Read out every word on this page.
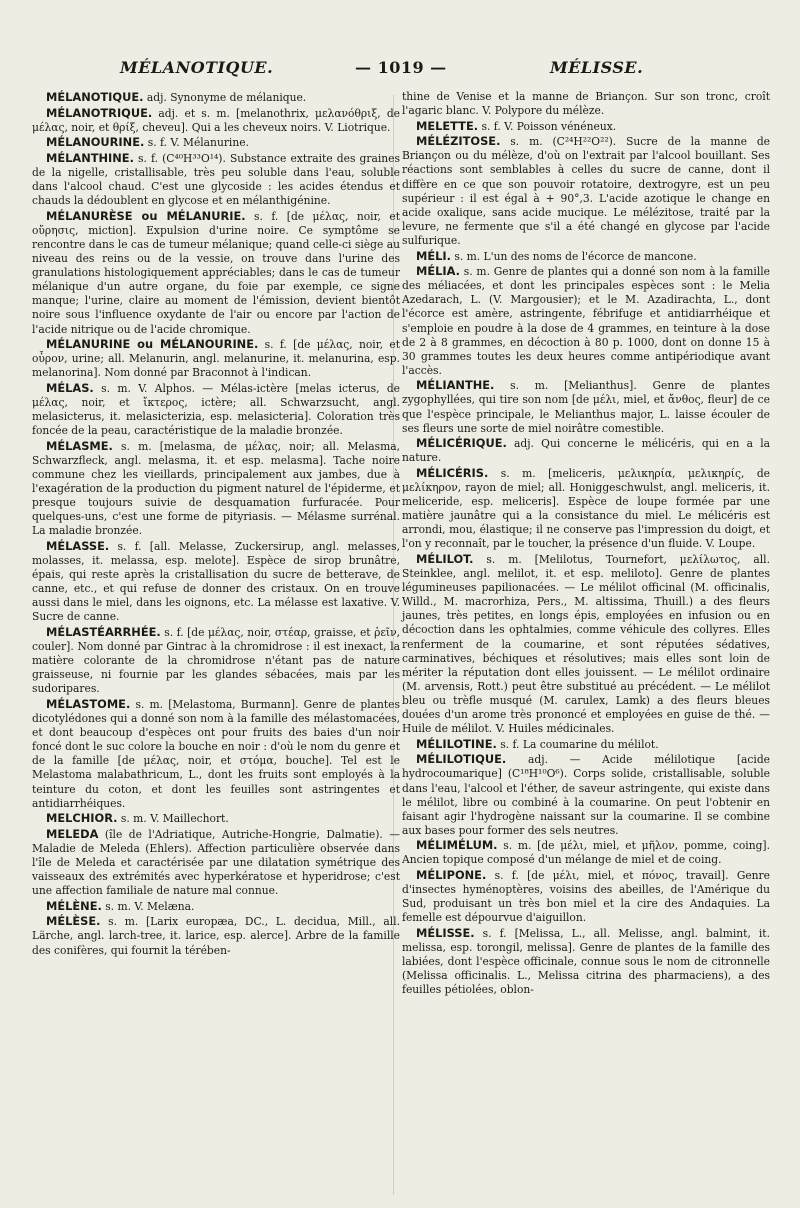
MÉLANOTIQUE.	— 1019 —	MÉLISSE.

MÉLANOTIQUE. adj. Synonyme de mélanique.

MÉLANOTRIQUE. adj. et s. m. [melanothrix, μελανόθριξ, de μέλας, noir, et θρίξ, cheveu]. Qui a les cheveux noirs. V. Liotrique.

MÉLANOURINE. s. f. V. Mélanurine.

MÉLANTHINE. s. f. (C⁴⁰H³³O¹⁴). Substance extraite des graines de la nigelle, cristallisable, très peu soluble dans l'eau, soluble dans l'alcool chaud. C'est une glycoside : les acides étendus et chauds la dédoublent en glycose et en mélanthigénine.

MÉLANURÈSE ou MÉLANURIE. s. f. [de μέλας, noir, et οὔρησις, miction]. Expulsion d'urine noire. Ce symptôme se rencontre dans le cas de tumeur mélanique; quand celle-ci siège au niveau des reins ou de la vessie, on trouve dans l'urine des granulations histologiquement appréciables; dans le cas de tumeur mélanique d'un autre organe, du foie par exemple, ce signe manque; l'urine, claire au moment de l'émission, devient bientôt noire sous l'influence oxydante de l'air ou encore par l'action de l'acide nitrique ou de l'acide chromique.

MÉLANURINE ou MÉLANOURINE. s. f. [de μέλας, noir, et οὖρον, urine; all. Melanurin, angl. melanurine, it. melanurina, esp. melanorina]. Nom donné par Braconnot à l'indican.

MÉLAS. s. m. V. Alphos. — Mélas-ictère [melas icterus, de μέλας, noir, et ἴκτερος, ictère; all. Schwarzsucht, angl. melasicterus, it. melasicterizia, esp. melasicteria]. Coloration très foncée de la peau, caractéristique de la maladie bronzée.

MÉLASME. s. m. [melasma, de μέλας, noir; all. Melasma, Schwarzfleck, angl. melasma, it. et esp. melasma]. Tache noire commune chez les vieillards, principalement aux jambes, due à l'exagération de la production du pigment naturel de l'épiderme, et presque toujours suivie de desquamation furfuracée. Pour quelques-uns, c'est une forme de pityriasis. — Mélasme surrénal. La maladie bronzée.

MÉLASSE. s. f. [all. Melasse, Zuckersirup, angl. melasses, molasses, it. melassa, esp. melote]. Espèce de sirop brunâtre, épais, qui reste après la cristallisation du sucre de betterave, de canne, etc., et qui refuse de donner des cristaux. On en trouve aussi dans le miel, dans les oignons, etc. La mélasse est laxative. V. Sucre de canne.

MÉLASTÉARRHÉE. s. f. [de μέλας, noir, στέαρ, graisse, et ῥεῖν, couler]. Nom donné par Gintrac à la chromidrose : il est inexact, la matière colorante de la chromidrose n'étant pas de nature graisseuse, ni fournie par les glandes sébacées, mais par les sudoripares.

MÉLASTOME. s. m. [Melastoma, Burmann]. Genre de plantes dicotylédones qui a donné son nom à la famille des mélastomacées, et dont beaucoup d'espèces ont pour fruits des baies d'un noir foncé dont le suc colore la bouche en noir : d'où le nom du genre et de la famille [de μέλας, noir, et στόμα, bouche]. Tel est le Melastoma malabathricum, L., dont les fruits sont employés à la teinture du coton, et dont les feuilles sont astringentes et antidiarrhéiques.

MELCHIOR. s. m. V. Maillechort.

MELEDA (île de l'Adriatique, Autriche-Hongrie, Dalmatie). — Maladie de Meleda (Ehlers). Affection particulière observée dans l'île de Meleda et caractérisée par une dilatation symétrique des vaisseaux des extrémités avec hyperkératose et hyperidrose; c'est une affection familiale de nature mal connue.

MÉLÈNE. s. m. V. Melæna.

MÉLÈSE. s. m. [Larix europæa, DC., L. decidua, Mill., all. Lärche, angl. larch-tree, it. larice, esp. alerce]. Arbre de la famille des conifères, qui fournit la térében-

thine de Venise et la manne de Briançon. Sur son tronc, croît l'agaric blanc. V. Polypore du mélèze.

MELETTE. s. f. V. Poisson vénéneux.

MÉLÉZITOSE. s. m. (C²⁴H²²O²²). Sucre de la manne de Briançon ou du mélèze, d'où on l'extrait par l'alcool bouillant. Ses réactions sont semblables à celles du sucre de canne, dont il diffère en ce que son pouvoir rotatoire, dextrogyre, est un peu supérieur : il est égal à + 90°,3. L'acide azotique le change en acide oxalique, sans acide mucique. Le mélézitose, traité par la levure, ne fermente que s'il a été changé en glycose par l'acide sulfurique.

MÉLI. s. m. L'un des noms de l'écorce de mancone.

MÉLIA. s. m. Genre de plantes qui a donné son nom à la famille des méliacées, et dont les principales espèces sont : le Melia Azedarach, L. (V. Margousier); et le M. Azadirachta, L., dont l'écorce est amère, astringente, fébrifuge et antidiarrhéique et s'emploie en poudre à la dose de 4 grammes, en teinture à la dose de 2 à 8 grammes, en décoction à 80 p. 1000, dont on donne 15 à 30 grammes toutes les deux heures comme antipériodique avant l'accès.

MÉLIANTHE. s. m. [Melianthus]. Genre de plantes zygophyllées, qui tire son nom [de μέλι, miel, et ἄνθος, fleur] de ce que l'espèce principale, le Melianthus major, L. laisse écouler de ses fleurs une sorte de miel noirâtre comestible.

MÉLICÉRIQUE. adj. Qui concerne le mélicéris, qui en a la nature.

MÉLICÉRIS. s. m. [meliceris, μελικηρία, μελικηρίς, de μελίκηρον, rayon de miel; all. Honiggeschwulst, angl. meliceris, it. meliceride, esp. meliceris]. Espèce de loupe formée par une matière jaunâtre qui a la consistance du miel. Le mélicéris est arrondi, mou, élastique; il ne conserve pas l'impression du doigt, et l'on y reconnaît, par le toucher, la présence d'un fluide. V. Loupe.

MÉLILOT. s. m. [Melilotus, Tournefort, μελίλωτος, all. Steinklee, angl. melilot, it. et esp. meliloto]. Genre de plantes légumineuses papilionacées. — Le mélilot officinal (M. officinalis, Willd., M. macrorhiza, Pers., M. altissima, Thuill.) a des fleurs jaunes, très petites, en longs épis, employées en infusion ou en décoction dans les ophtalmies, comme véhicule des collyres. Elles renferment de la coumarine, et sont réputées sédatives, carminatives, béchiques et résolutives; mais elles sont loin de mériter la réputation dont elles jouissent. — Le mélilot ordinaire (M. arvensis, Rott.) peut être substitué au précédent. — Le mélilot bleu ou trèfle musqué (M. carulex, Lamk) a des fleurs bleues douées d'un arome très prononcé et employées en guise de thé. — Huile de mélilot. V. Huiles médicinales.

MÉLILOTINE. s. f. La coumarine du mélilot.

MÉLILOTIQUE. adj. — Acide mélilotique [acide hydrocoumarique] (C¹⁸H¹⁰O⁶). Corps solide, cristallisable, soluble dans l'eau, l'alcool et l'éther, de saveur astringente, qui existe dans le mélilot, libre ou combiné à la coumarine. On peut l'obtenir en faisant agir l'hydrogène naissant sur la coumarine. Il se combine aux bases pour former des sels neutres.

MÉLIMÉLUM. s. m. [de μέλι, miel, et μῆλον, pomme, coing]. Ancien topique composé d'un mélange de miel et de coing.

MÉLIPONE. s. f. [de μέλι, miel, et πόνος, travail]. Genre d'insectes hyménoptères, voisins des abeilles, de l'Amérique du Sud, produisant un très bon miel et la cire des Andaquies. La femelle est dépourvue d'aiguillon.

MÉLISSE. s. f. [Melissa, L., all. Melisse, angl. balmint, it. melissa, esp. torongil, melissa]. Genre de plantes de la famille des labiées, dont l'espèce officinale, connue sous le nom de citronnelle (Melissa officinalis. L., Melissa citrina des pharmaciens), a des feuilles pétiolées, oblon-
